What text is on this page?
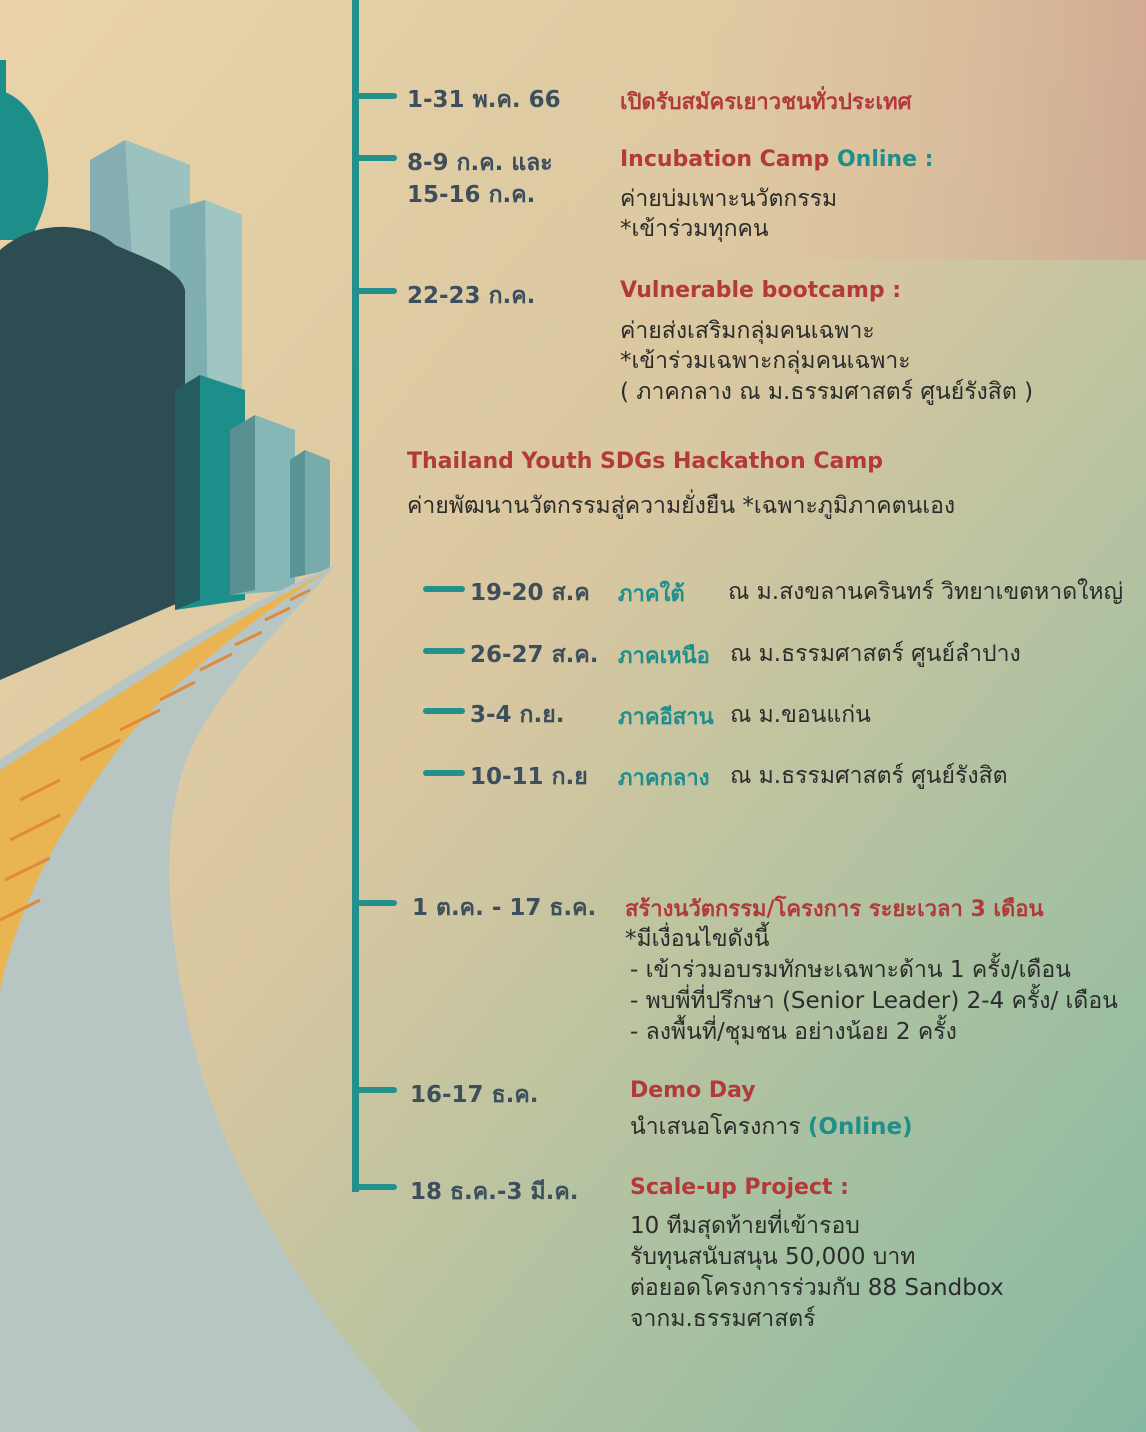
1-31 พ.ค. 66	เปิดรับสมัครเยาวชนทั่วประเทศ
8-9 ก.ค. และ
15-16 ก.ค.
Incubation Camp Online :
ค่ายบ่มเพาะนวัตกรรม
*เข้าร่วมทุกคน
22-23 ก.ค.	Vulnerable bootcamp :
ค่ายส่งเสริมกลุ่มคนเฉพาะ
*เข้าร่วมเฉพาะกลุ่มคนเฉพาะ
( ภาคกลาง ณ ม.ธรรมศาสตร์ ศูนย์รังสิต )
Thailand Youth SDGs Hackathon Camp
ค่ายพัฒนานวัตกรรมสู่ความยั่งยืน *เฉพาะภูมิภาคตนเอง
19-20 ส.ค ภาคใต้ ณ ม.สงขลานครินทร์ วิทยาเขตหาดใหญ่
26-27 ส.ค. ภาคเหนือ ณ ม.ธรรมศาสตร์ ศูนย์ลำปาง
3-4 ก.ย. ภาคอีสาน ณ ม.ขอนแก่น
10-11 ก.ย ภาคกลาง ณ ม.ธรรมศาสตร์ ศูนย์รังสิต
1 ต.ค. - 17 ธ.ค. สร้างนวัตกรรม/โครงการ ระยะเวลา 3 เดือน
*มีเงื่อนไขดังนี้
- เข้าร่วมอบรมทักษะเฉพาะด้าน 1 ครั้ง/เดือน
- พบพี่ที่ปรึกษา (Senior Leader) 2-4 ครั้ง/ เดือน
- ลงพื้นที่/ชุมชน อย่างน้อย 2 ครั้ง
16-17 ธ.ค.	Demo Day
นำเสนอโครงการ (Online)
18 ธ.ค.-3 มี.ค. Scale-up Project :
10 ทีมสุดท้ายที่เข้ารอบ
รับทุนสนับสนุน 50,000 บาท
ต่อยอดโครงการร่วมกับ 88 Sandbox
จากม.ธรรมศาสตร์
